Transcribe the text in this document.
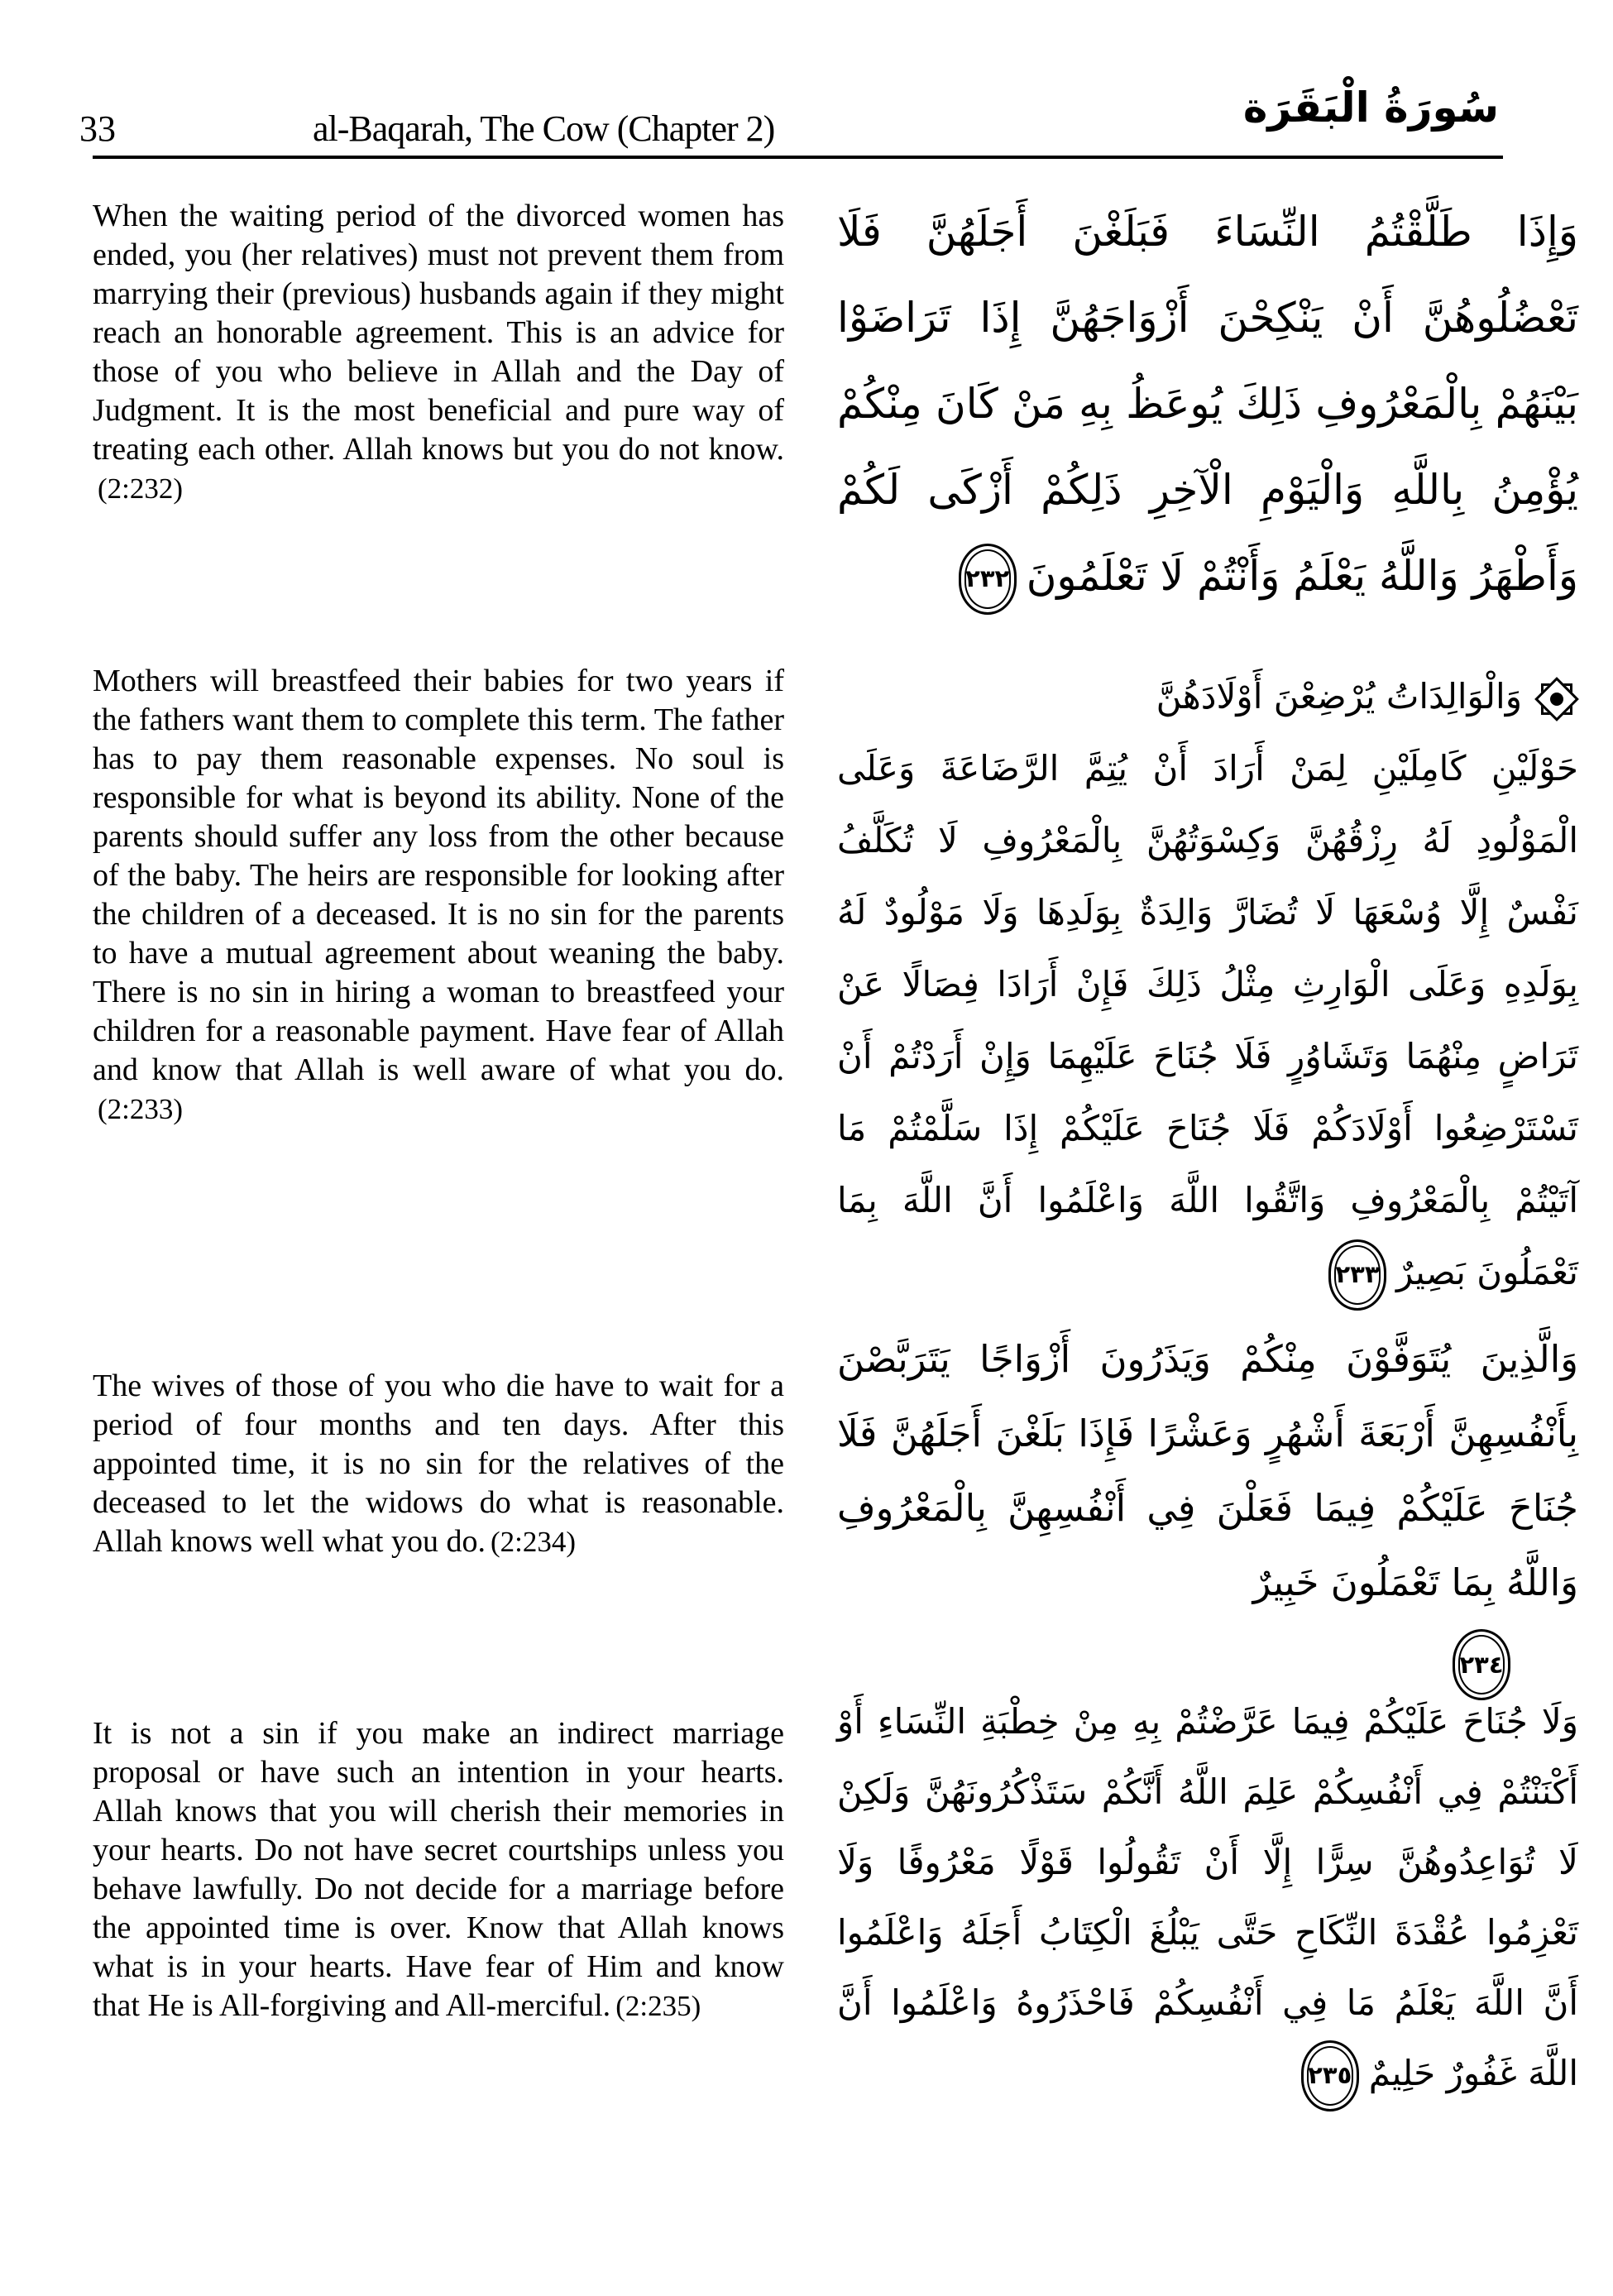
33	al-Baqarah, The Cow (Chapter 2)	سُورَةُ الْبَقَرَة

When the waiting period of the divorced women has ended, you (her relatives) must not prevent them from marrying their (previous) husbands again if they might reach an honorable agreement. This is an advice for those of you who believe in Allah and the Day of Judgment. It is the most beneficial and pure way of treating each other. Allah knows but you do not know.(2:232)

Mothers will breastfeed their babies for two years if the fathers want them to complete this term. The father has to pay them reasonable expenses. No soul is responsible for what is beyond its ability. None of the parents should suffer any loss from the other because of the baby. The heirs are responsible for looking after the children of a deceased. It is no sin for the parents to have a mutual agreement about weaning the baby. There is no sin in hiring a woman to breastfeed your children for a reasonable payment. Have fear of Allah and know that Allah is well aware of what you do.(2:233)

The wives of those of you who die have to wait for a period of four months and ten days. After this appointed time, it is no sin for the relatives of the deceased to let the widows do what is reasonable. Allah knows well what you do. (2:234)

It is not a sin if you make an indirect marriage proposal or have such an intention in your hearts. Allah knows that you will cherish their memories in your hearts. Do not have secret courtships unless you behave lawfully. Do not decide for a marriage before the appointed time is over. Know that Allah knows what is in your hearts. Have fear of Him and know that He is All-forgiving and All-merciful. (2:235)

وَإِذَا طَلَّقْتُمُ النِّسَاءَ فَبَلَغْنَ أَجَلَهُنَّ فَلَا تَعْضُلُوهُنَّ أَنْ يَنْكِحْنَ أَزْوَاجَهُنَّ إِذَا تَرَاضَوْا بَيْنَهُمْ بِالْمَعْرُوفِ ذَلِكَ يُوعَظُ بِهِ مَنْ كَانَ مِنْكُمْ يُؤْمِنُ بِاللَّهِ وَالْيَوْمِ الْآخِرِ ذَلِكُمْ أَزْكَى لَكُمْ وَأَطْهَرُ وَاللَّهُ يَعْلَمُ وَأَنْتُمْ لَا تَعْلَمُونَ
٢٣٢

وَالْوَالِدَاتُ يُرْضِعْنَ أَوْلَادَهُنَّ

حَوْلَيْنِ كَامِلَيْنِ لِمَنْ أَرَادَ أَنْ يُتِمَّ الرَّضَاعَةَ وَعَلَى الْمَوْلُودِ لَهُ رِزْقُهُنَّ وَكِسْوَتُهُنَّ بِالْمَعْرُوفِ لَا تُكَلَّفُ نَفْسٌ إِلَّا وُسْعَهَا لَا تُضَارَّ وَالِدَةٌ بِوَلَدِهَا وَلَا مَوْلُودٌ لَهُ بِوَلَدِهِ وَعَلَى الْوَارِثِ مِثْلُ ذَلِكَ فَإِنْ أَرَادَا فِصَالًا عَنْ تَرَاضٍ مِنْهُمَا وَتَشَاوُرٍ فَلَا جُنَاحَ عَلَيْهِمَا وَإِنْ أَرَدْتُمْ أَنْ تَسْتَرْضِعُوا أَوْلَادَكُمْ فَلَا جُنَاحَ عَلَيْكُمْ إِذَا سَلَّمْتُمْ مَا آتَيْتُمْ بِالْمَعْرُوفِ وَاتَّقُوا اللَّهَ وَاعْلَمُوا أَنَّ اللَّهَ بِمَا تَعْمَلُونَ بَصِيرٌ
٢٣٣

وَالَّذِينَ يُتَوَفَّوْنَ مِنْكُمْ وَيَذَرُونَ أَزْوَاجًا يَتَرَبَّصْنَ بِأَنْفُسِهِنَّ أَرْبَعَةَ أَشْهُرٍ وَعَشْرًا فَإِذَا بَلَغْنَ أَجَلَهُنَّ فَلَا جُنَاحَ عَلَيْكُمْ فِيمَا فَعَلْنَ فِي أَنْفُسِهِنَّ بِالْمَعْرُوفِ وَاللَّهُ بِمَا تَعْمَلُونَ خَبِيرٌ

٢٣٤

وَلَا جُنَاحَ عَلَيْكُمْ فِيمَا عَرَّضْتُمْ بِهِ مِنْ خِطْبَةِ النِّسَاءِ أَوْ أَكْنَنْتُمْ فِي أَنْفُسِكُمْ عَلِمَ اللَّهُ أَنَّكُمْ سَتَذْكُرُونَهُنَّ وَلَكِنْ لَا تُوَاعِدُوهُنَّ سِرًّا إِلَّا أَنْ تَقُولُوا قَوْلًا مَعْرُوفًا وَلَا تَعْزِمُوا عُقْدَةَ النِّكَاحِ حَتَّى يَبْلُغَ الْكِتَابُ أَجَلَهُ وَاعْلَمُوا أَنَّ اللَّهَ يَعْلَمُ مَا فِي أَنْفُسِكُمْ فَاحْذَرُوهُ وَاعْلَمُوا أَنَّ اللَّهَ غَفُورٌ حَلِيمٌ
٢٣٥
